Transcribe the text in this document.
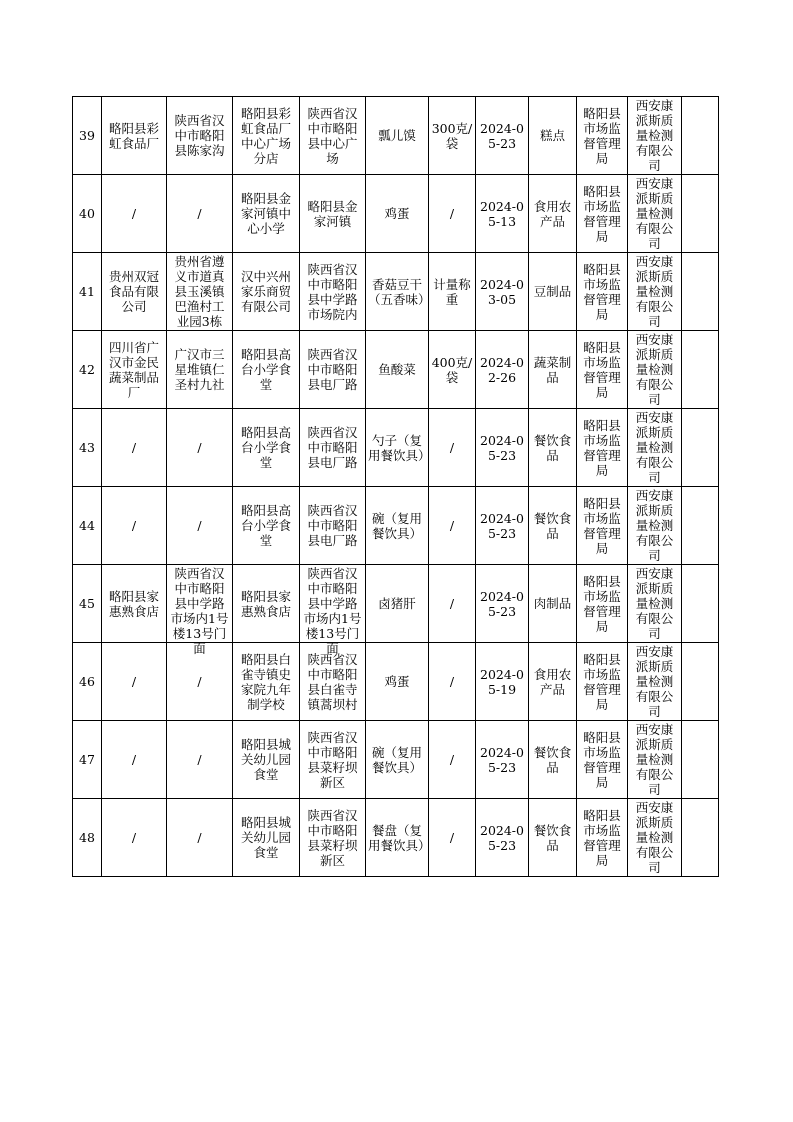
39	略阳县彩虹食品厂	陕西省汉中市略阳县陈家沟	略阳县彩虹食品厂中心广场分店	陕西省汉中市略阳县中心广场	瓢儿馍	300克/袋	2024-05-23	糕点	略阳县市场监督管理局	西安康派斯质量检测有限公司	

40	/	/	略阳县金家河镇中心小学	略阳县金家河镇	鸡蛋	/	2024-05-13	食用农产品	略阳县市场监督管理局	西安康派斯质量检测有限公司	

41	贵州双冠食品有限公司	贵州省遵义市道真县玉溪镇巴渔村工业园3栋	汉中兴州家乐商贸有限公司	陕西省汉中市略阳县中学路市场院内	香菇豆干（五香味）	计量称重	2024-03-05	豆制品	略阳县市场监督管理局	西安康派斯质量检测有限公司	

42	四川省广汉市金民蔬菜制品厂	广汉市三星堆镇仁圣村九社	略阳县高台小学食堂	陕西省汉中市略阳县电厂路	鱼酸菜	400克/袋	2024-02-26	蔬菜制品	略阳县市场监督管理局	西安康派斯质量检测有限公司	

43	/	/	略阳县高台小学食堂	陕西省汉中市略阳县电厂路	勺子（复用餐饮具）	/	2024-05-23	餐饮食品	略阳县市场监督管理局	西安康派斯质量检测有限公司	

44	/	/	略阳县高台小学食堂	陕西省汉中市略阳县电厂路	碗（复用餐饮具）	/	2024-05-23	餐饮食品	略阳县市场监督管理局	西安康派斯质量检测有限公司	

45	略阳县家惠熟食店	陕西省汉中市略阳县中学路市场内1号楼13号门面	略阳县家惠熟食店	陕西省汉中市略阳县中学路市场内1号楼13号门面	卤猪肝	/	2024-05-23	肉制品	略阳县市场监督管理局	西安康派斯质量检测有限公司	

46	/	/	略阳县白雀寺镇史家院九年制学校	陕西省汉中市略阳县白雀寺镇蒿坝村	鸡蛋	/	2024-05-19	食用农产品	略阳县市场监督管理局	西安康派斯质量检测有限公司	

47	/	/	略阳县城关幼儿园食堂	陕西省汉中市略阳县菜籽坝新区	碗（复用餐饮具）	/	2024-05-23	餐饮食品	略阳县市场监督管理局	西安康派斯质量检测有限公司	

48	/	/	略阳县城关幼儿园食堂	陕西省汉中市略阳县菜籽坝新区	餐盘（复用餐饮具）	/	2024-05-23	餐饮食品	略阳县市场监督管理局	西安康派斯质量检测有限公司	
